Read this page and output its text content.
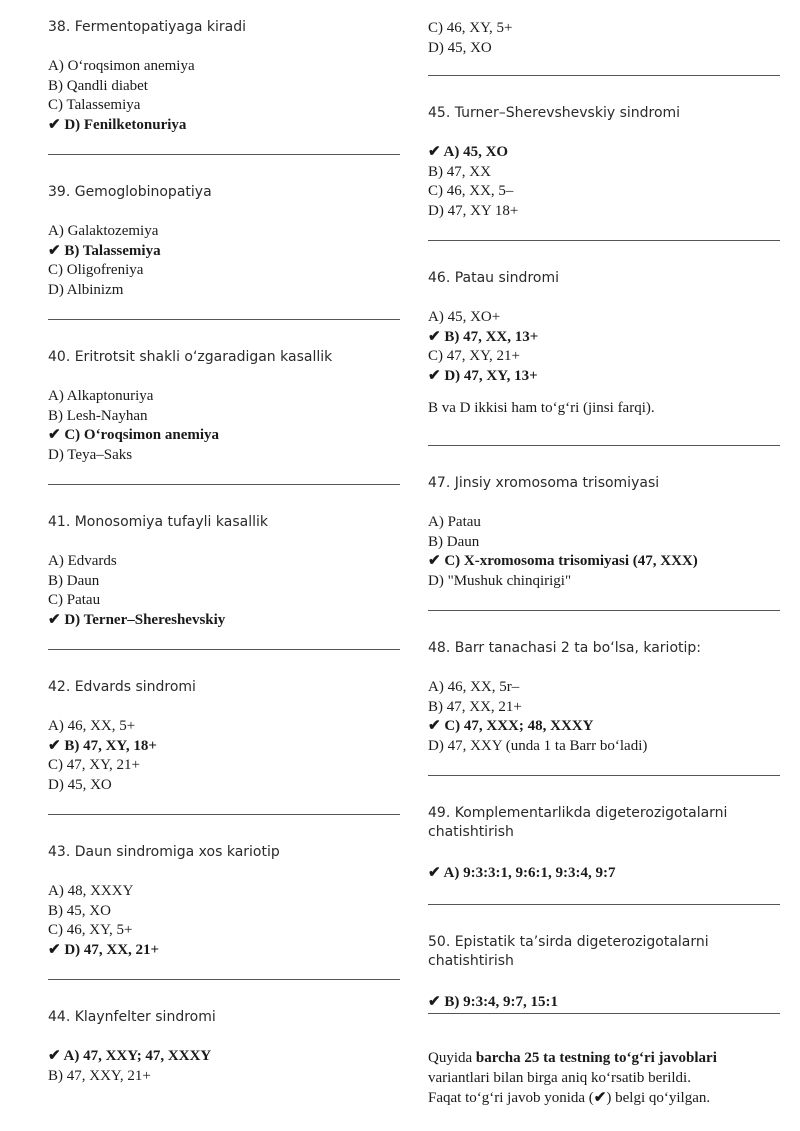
38. Fermentopatiyaga kiradi
A) O‘roqsimon anemiya
B) Qandli diabet
C) Talassemiya
✔ D) Fenilketonuriya
39. Gemoglobinopatiya
A) Galaktozemiya
✔ B) Talassemiya
C) Oligofreniya
D) Albinizm
40. Eritrotsit shakli o‘zgaradigan kasallik
A) Alkaptonuriya
B) Lesh-Nayhan
✔ C) O‘roqsimon anemiya
D) Teya–Saks
41. Monosomiya tufayli kasallik
A) Edvards
B) Daun
C) Patau
✔ D) Terner–Shereshevskiy
42. Edvards sindromi
A) 46, XX, 5+
✔ B) 47, XY, 18+
C) 47, XY, 21+
D) 45, XO
43. Daun sindromiga xos kariotip
A) 48, XXXY
B) 45, XO
C) 46, XY, 5+
✔ D) 47, XX, 21+
44. Klaynfelter sindromi
✔ A) 47, XXY; 47, XXXY
B) 47, XXY, 21+
C) 46, XY, 5+
D) 45, XO
45. Turner–Sherevshevskiy sindromi
✔ A) 45, XO
B) 47, XX
C) 46, XX, 5–
D) 47, XY 18+
46. Patau sindromi
A) 45, XO+
✔ B) 47, XX, 13+
C) 47, XY, 21+
✔ D) 47, XY, 13+
B va D ikkisi ham to‘g‘ri (jinsi farqi).
47. Jinsiy xromosoma trisomiyasi
A) Patau
B) Daun
✔ C) X-xromosoma trisomiyasi (47, XXX)
D) "Mushuk chinqirigi"
48. Barr tanachasi 2 ta bo‘lsa, kariotip:
A) 46, XX, 5r–
B) 47, XX, 21+
✔ C) 47, XXX; 48, XXXY
D) 47, XXY (unda 1 ta Barr bo‘ladi)
49. Komplementarlikda digeterozigotalarni
chatishtirish
✔ A) 9:3:3:1, 9:6:1, 9:3:4, 9:7
50. Epistatik ta’sirda digeterozigotalarni chatishtirish
✔ B) 9:3:4, 9:7, 15:1
Quyida barcha 25 ta testning to‘g‘ri javoblari
variantlari bilan birga aniq ko‘rsatib berildi.
Faqat to‘g‘ri javob yonida (✔) belgi qo‘yilgan.
